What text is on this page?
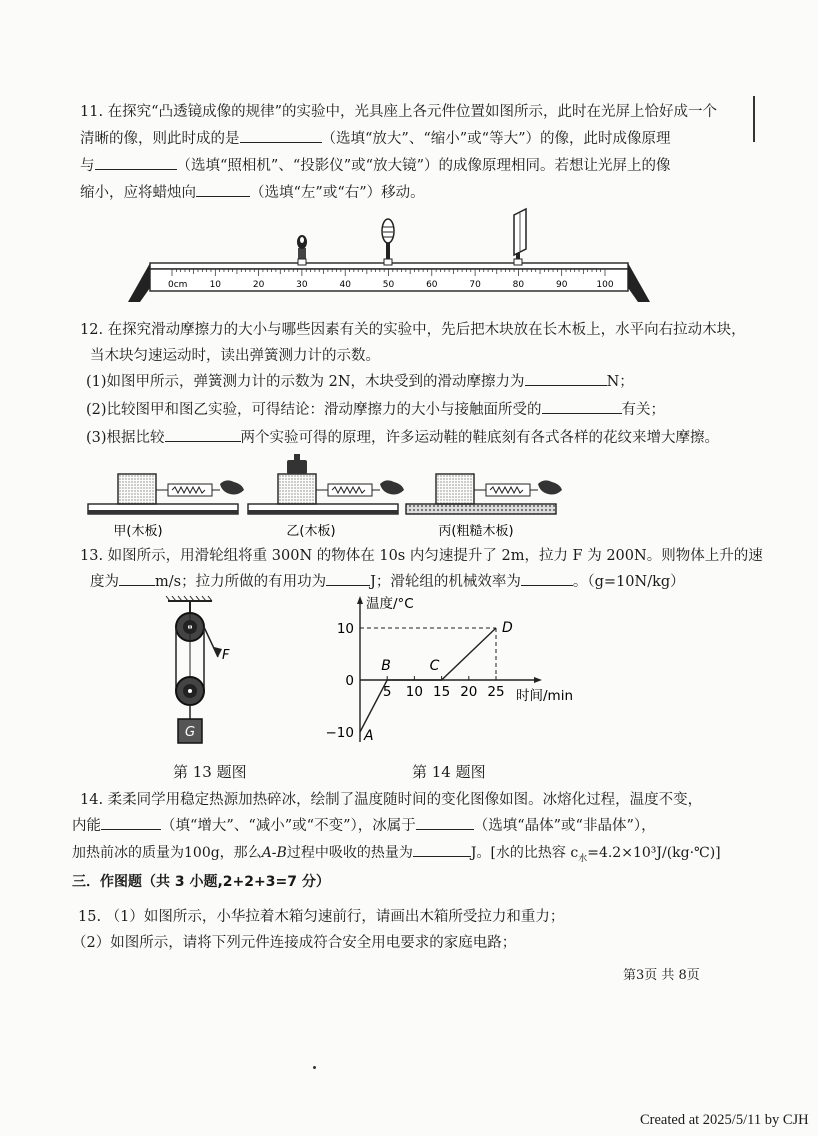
11. 在探究“凸透镜成像的规律”的实验中，光具座上各元件位置如图所示，此时在光屏上恰好成一个
清晰的像，则此时成的是	（选填“放大”、“缩小”或“等大”）的像，此时成像原理
与	（选填“照相机”、“投影仪”或“放大镜”）的成像原理相同。若想让光屏上的像
缩小，应将蜡烛向	（选填“左”或“右”）移动。
0cm 10	20	30	40	50	60	70	80	90	100
12. 在探究滑动摩擦力的大小与哪些因素有关的实验中，先后把木块放在长木板上，水平向右拉动木块，
当木块匀速运动时，读出弹簧测力计的示数。
(1)如图甲所示，弹簧测力计的示数为 2N，木块受到的滑动摩擦力为	N；
(2)比较图甲和图乙实验，可得结论：滑动摩擦力的大小与接触面所受的	有关；
(3)根据比较	两个实验可得的原理，许多运动鞋的鞋底刻有各式各样的花纹来增大摩擦。
甲(木板)	乙(木板)	丙(粗糙木板)
13. 如图所示，用滑轮组将重 300N 的物体在 10s 内匀速提升了 2m，拉力 F 为 200N。则物体上升的速
度为 m/s；拉力所做的有用功为	J；滑轮组的机械效率为	。（g=10N/kg）
F
G
温度/°C
时间/min
10
0
−10
5 10 15 20 25
A
B	C
D
第 13 题图	第 14 题图
14. 柔柔同学用稳定热源加热碎冰，绘制了温度随时间的变化图像如图。冰熔化过程，温度不变，
内能	（填“增大”、“减小”或“不变”），冰属于	（选填“晶体”或“非晶体”），
加热前冰的质量为100g，那么A-B过程中吸收的热量为	J。[水的比热容 $c_水=4.2\times 10^3J/(kg\cdot℃)$]
三．作图题（共 3 小题,2+2+3=7 分）
15. （1）如图所示，小华拉着木箱匀速前行，请画出木箱所受拉力和重力；
（2）如图所示，请将下列元件连接成符合安全用电要求的家庭电路；
第3页 共 8页
Created at 2025/5/11 by CJH
